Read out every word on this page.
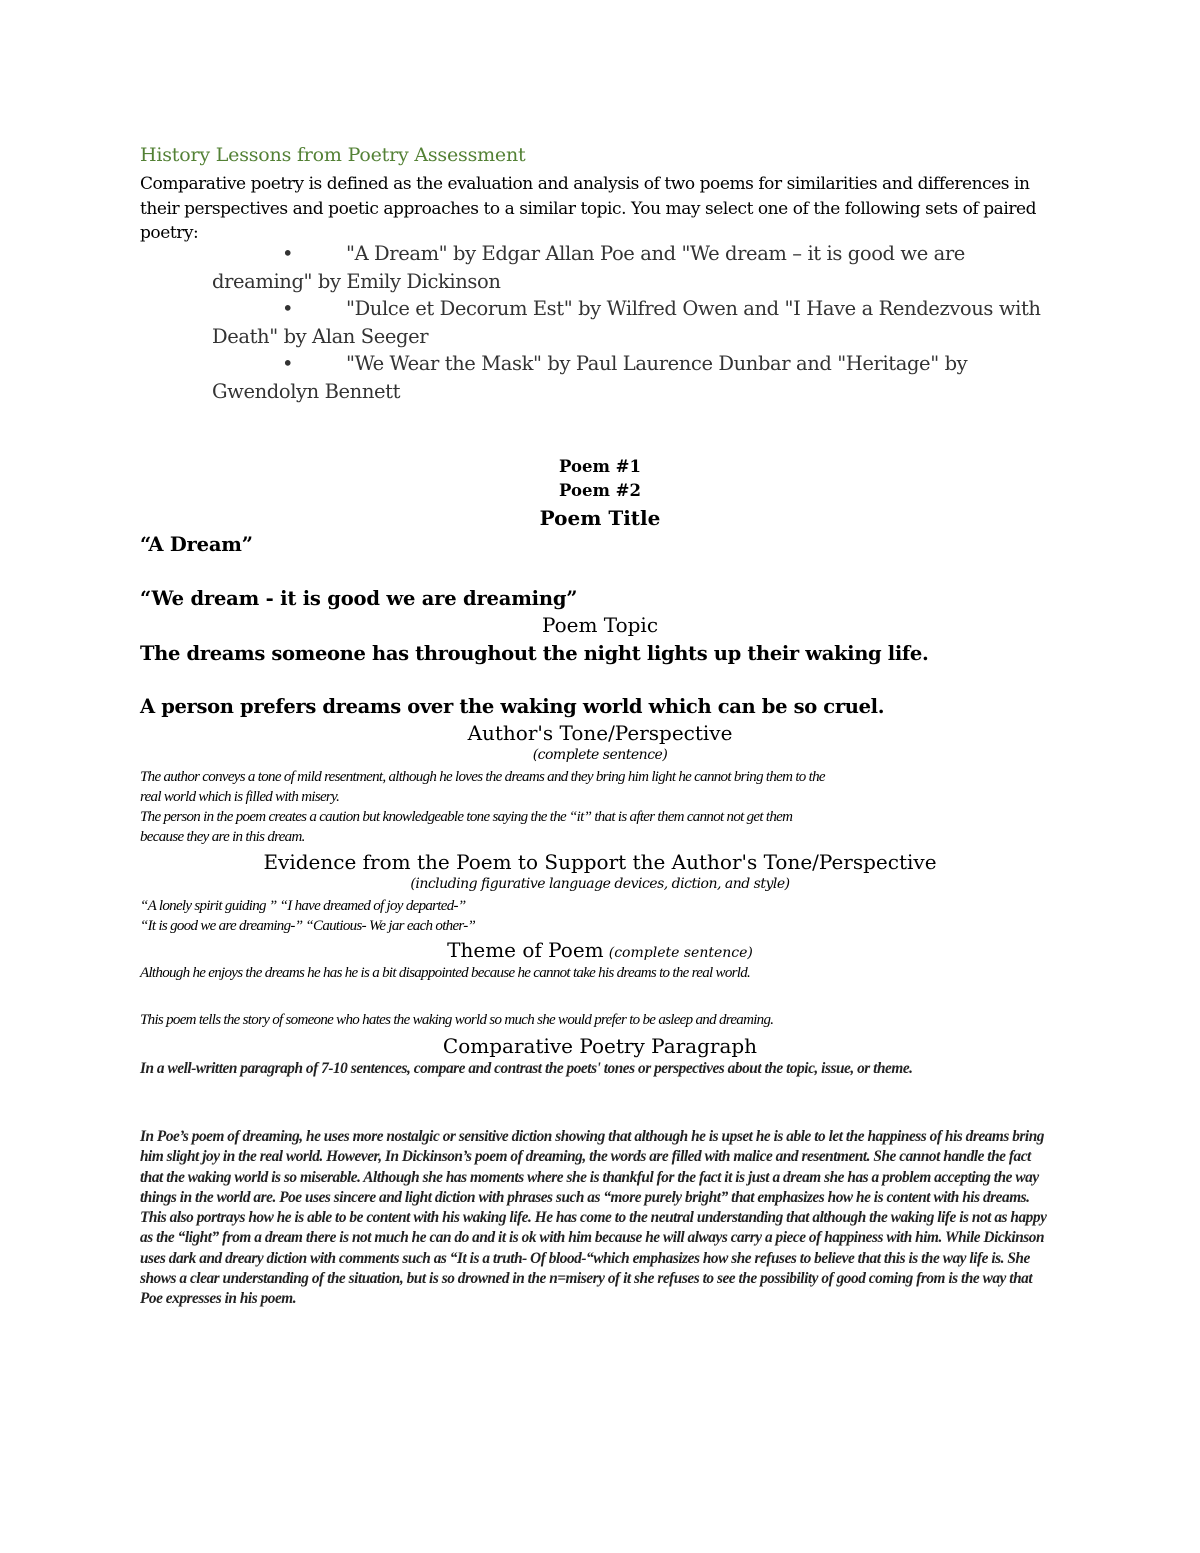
History Lessons from Poetry Assessment
Comparative poetry is defined as the evaluation and analysis of two poems for similarities and differences in their perspectives and poetic approaches to a similar topic. You may select one of the following sets of paired poetry:
•	"A Dream" by Edgar Allan Poe and "We dream – it is good we are
dreaming" by Emily Dickinson
•	"Dulce et Decorum Est" by Wilfred Owen and "I Have a Rendezvous with
Death" by Alan Seeger
•	"We Wear the Mask" by Paul Laurence Dunbar and "Heritage" by
Gwendolyn Bennett
Poem #1
Poem #2
Poem Title
“A Dream”
“We dream - it is good we are dreaming”
Poem Topic
The dreams someone has throughout the night lights up their waking life.
A person prefers dreams over the waking world which can be so cruel.
Author's Tone/Perspective
(complete sentence)
The author conveys a tone of mild resentment, although he loves the dreams and they bring him light he cannot bring them to the
real world which is filled with misery.
The person in the poem creates a caution but knowledgeable tone saying the the “it” that is after them cannot not get them
because they are in this dream.
Evidence from the Poem to Support the Author's Tone/Perspective
(including figurative language devices, diction, and style)
“A lonely spirit guiding ” “I have dreamed of joy departed-”
“It is good we are dreaming-” “Cautious- We jar each other-”
Theme of Poem (complete sentence)
Although he enjoys the dreams he has he is a bit disappointed because he cannot take his dreams to the real world.
This poem tells the story of someone who hates the waking world so much she would prefer to be asleep and dreaming.
Comparative Poetry Paragraph
In a well-written paragraph of 7-10 sentences, compare and contrast the poets' tones or perspectives about the topic, issue, or theme.
In Poe’s poem of dreaming, he uses more nostalgic or sensitive diction showing that although he is upset he is able to let the happiness of his dreams bring him slight joy in the real world. However, In Dickinson’s poem of dreaming, the words are filled with malice and resentment. She cannot handle the fact that the waking world is so miserable. Although she has moments where she is thankful for the fact it is just a dream she has a problem accepting the way things in the world are. Poe uses sincere and light diction with phrases such as “more purely bright” that emphasizes how he is content with his dreams. This also portrays how he is able to be content with his waking life. He has come to the neutral understanding that although the waking life is not as happy as the “light” from a dream there is not much he can do and it is ok with him because he will always carry a piece of happiness with him. While Dickinson uses dark and dreary diction with comments such as “It is a truth- Of blood-“which emphasizes how she refuses to believe that this is the way life is. She shows a clear understanding of the situation, but is so drowned in the n=misery of it she refuses to see the possibility of good coming from is the way that Poe expresses in his poem.
